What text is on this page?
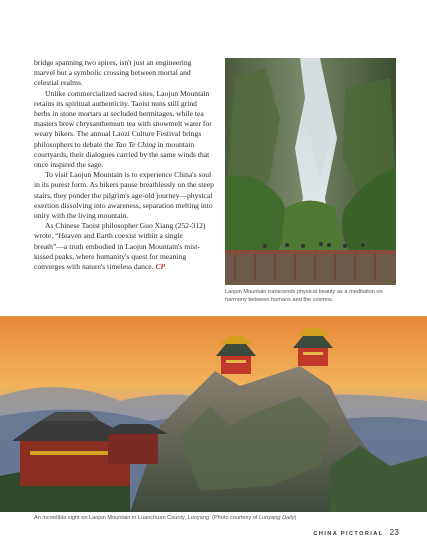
bridge spanning two spires, isn't just an engineering marvel but a symbolic crossing between mortal and celestial realms.

Unlike commercialized sacred sites, Laojun Mountain retains its spiritual authenticity. Taoist nuns still grind herbs in stone mortars at secluded hermitages, while tea masters brew chrysanthemum tea with snowmelt water for weary hikers. The annual Laozi Culture Festival brings philosophers to debate the Tao Te Ching in mountain courtyards, their dialogues carried by the same winds that once inspired the sage.

To visit Laojun Mountain is to experience China's soul in its purest form. As hikers pause breathlessly on the steep stairs, they ponder the pilgrim's age-old journey—physical exertion dissolving into awareness, separation melting into unity with the living mountain.

As Chinese Taoist philosopher Guo Xiang (252-312) wrote, “Heaven and Earth coexist within a single breath”—a truth embodied in Laojun Mountain's mist-kissed peaks, where humanity's quest for meaning converges with nature's timeless dance. CP

Laojun Mountain transcends physical beauty as a meditation on harmony between humans and the cosmos.
An incredible sight on Laojun Mountain in Luanchuan County, Luoyang. (Photo courtesy of Luoyang Daily)
CHINA PICTORIAL 23
